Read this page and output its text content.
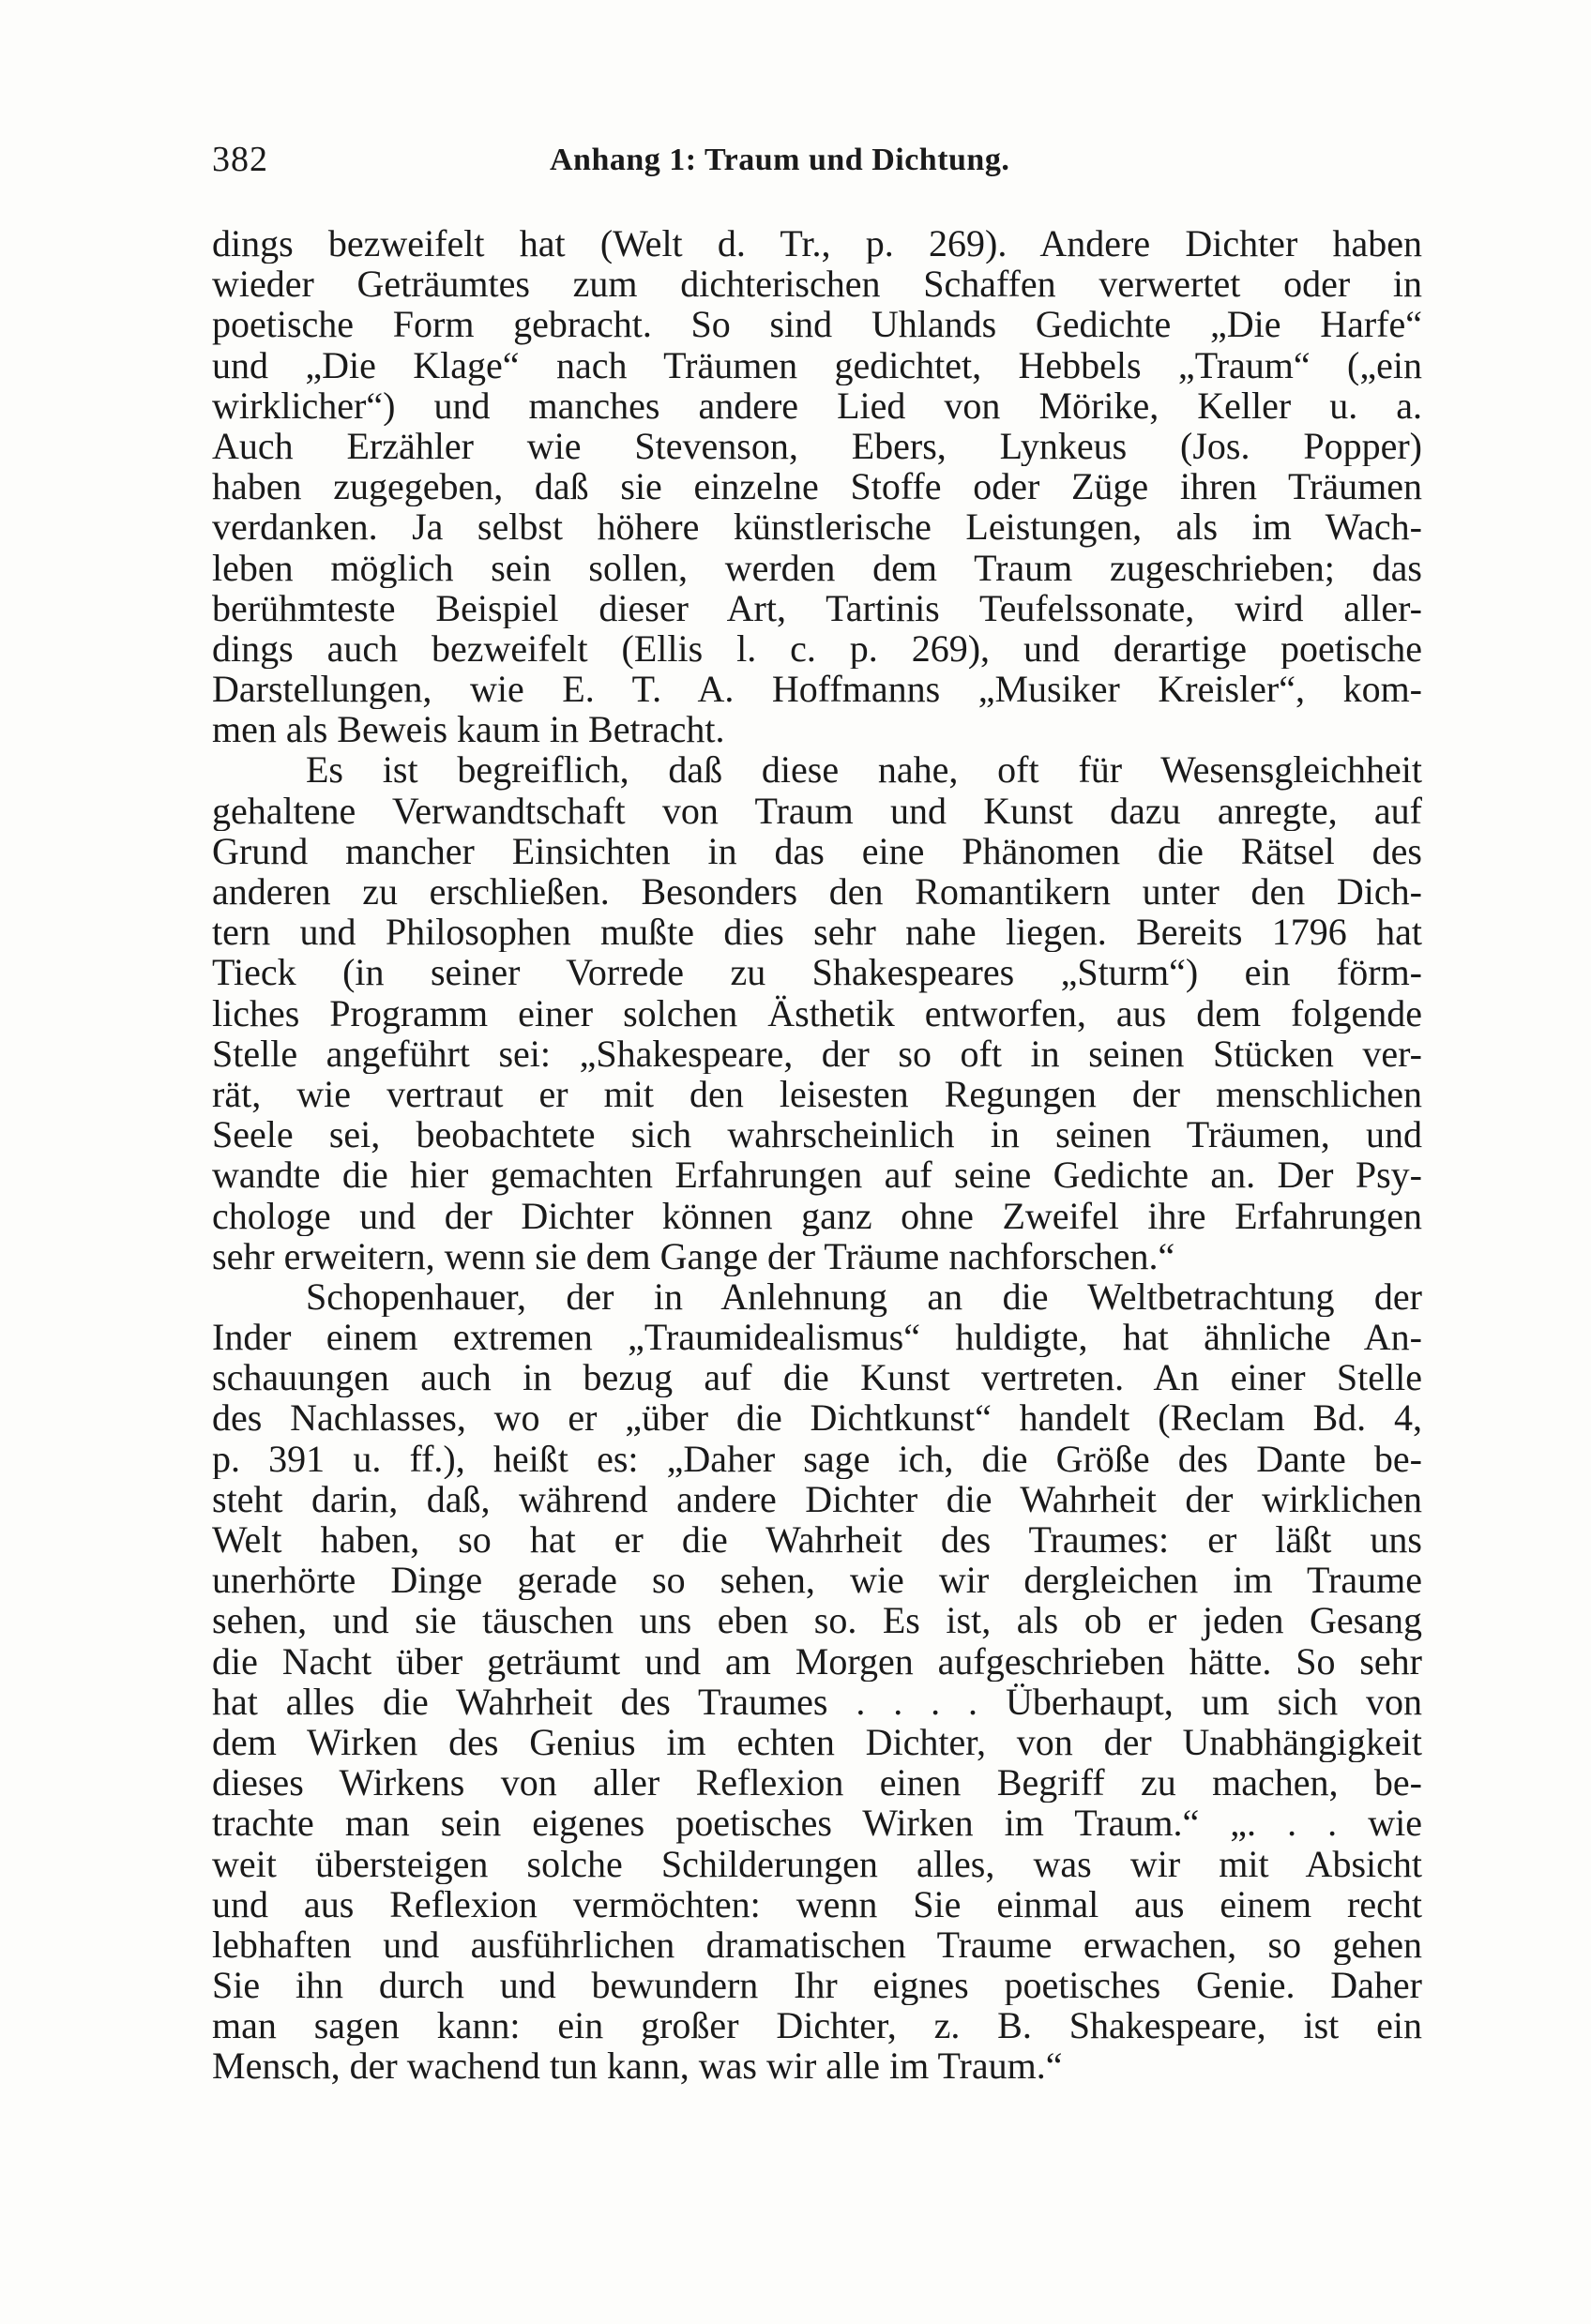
382	Anhang 1: Traum und Dichtung.
dings bezweifelt hat (Welt d. Tr., p. 269). Andere Dichter haben
wieder Geträumtes zum dichterischen Schaffen verwertet oder in
poetische Form gebracht. So sind Uhlands Gedichte „Die Harfe“
und „Die Klage“ nach Träumen gedichtet, Hebbels „Traum“ („ein
wirklicher“) und manches andere Lied von Mörike, Keller u. a.
Auch Erzähler wie Stevenson, Ebers, Lynkeus (Jos. Popper)
haben zugegeben, daß sie einzelne Stoffe oder Züge ihren Träumen
verdanken. Ja selbst höhere künstlerische Leistungen, als im Wach-
leben möglich sein sollen, werden dem Traum zugeschrieben; das
berühmteste Beispiel dieser Art, Tartinis Teufelssonate, wird aller-
dings auch bezweifelt (Ellis l. c. p. 269), und derartige poetische
Darstellungen, wie E. T. A. Hoffmanns „Musiker Kreisler“, kom-
men als Beweis kaum in Betracht.
Es ist begreiflich, daß diese nahe, oft für Wesensgleichheit
gehaltene Verwandtschaft von Traum und Kunst dazu anregte, auf
Grund mancher Einsichten in das eine Phänomen die Rätsel des
anderen zu erschließen. Besonders den Romantikern unter den Dich-
tern und Philosophen mußte dies sehr nahe liegen. Bereits 1796 hat
Tieck (in seiner Vorrede zu Shakespeares „Sturm“) ein förm-
liches Programm einer solchen Ästhetik entworfen, aus dem folgende
Stelle angeführt sei: „Shakespeare, der so oft in seinen Stücken ver-
rät, wie vertraut er mit den leisesten Regungen der menschlichen
Seele sei, beobachtete sich wahrscheinlich in seinen Träumen, und
wandte die hier gemachten Erfahrungen auf seine Gedichte an. Der Psy-
chologe und der Dichter können ganz ohne Zweifel ihre Erfahrungen
sehr erweitern, wenn sie dem Gange der Träume nachforschen.“
Schopenhauer, der in Anlehnung an die Weltbetrachtung der
Inder einem extremen „Traumidealismus“ huldigte, hat ähnliche An-
schauungen auch in bezug auf die Kunst vertreten. An einer Stelle
des Nachlasses, wo er „über die Dichtkunst“ handelt (Reclam Bd. 4,
p. 391 u. ff.), heißt es: „Daher sage ich, die Größe des Dante be-
steht darin, daß, während andere Dichter die Wahrheit der wirklichen
Welt haben, so hat er die Wahrheit des Traumes: er läßt uns
unerhörte Dinge gerade so sehen, wie wir dergleichen im Traume
sehen, und sie täuschen uns eben so. Es ist, als ob er jeden Gesang
die Nacht über geträumt und am Morgen aufgeschrieben hätte. So sehr
hat alles die Wahrheit des Traumes . . . . Überhaupt, um sich von
dem Wirken des Genius im echten Dichter, von der Unabhängigkeit
dieses Wirkens von aller Reflexion einen Begriff zu machen, be-
trachte man sein eigenes poetisches Wirken im Traum.“ „. . . wie
weit übersteigen solche Schilderungen alles, was wir mit Absicht
und aus Reflexion vermöchten: wenn Sie einmal aus einem recht
lebhaften und ausführlichen dramatischen Traume erwachen, so gehen
Sie ihn durch und bewundern Ihr eignes poetisches Genie. Daher
man sagen kann: ein großer Dichter, z. B. Shakespeare, ist ein
Mensch, der wachend tun kann, was wir alle im Traum.“
